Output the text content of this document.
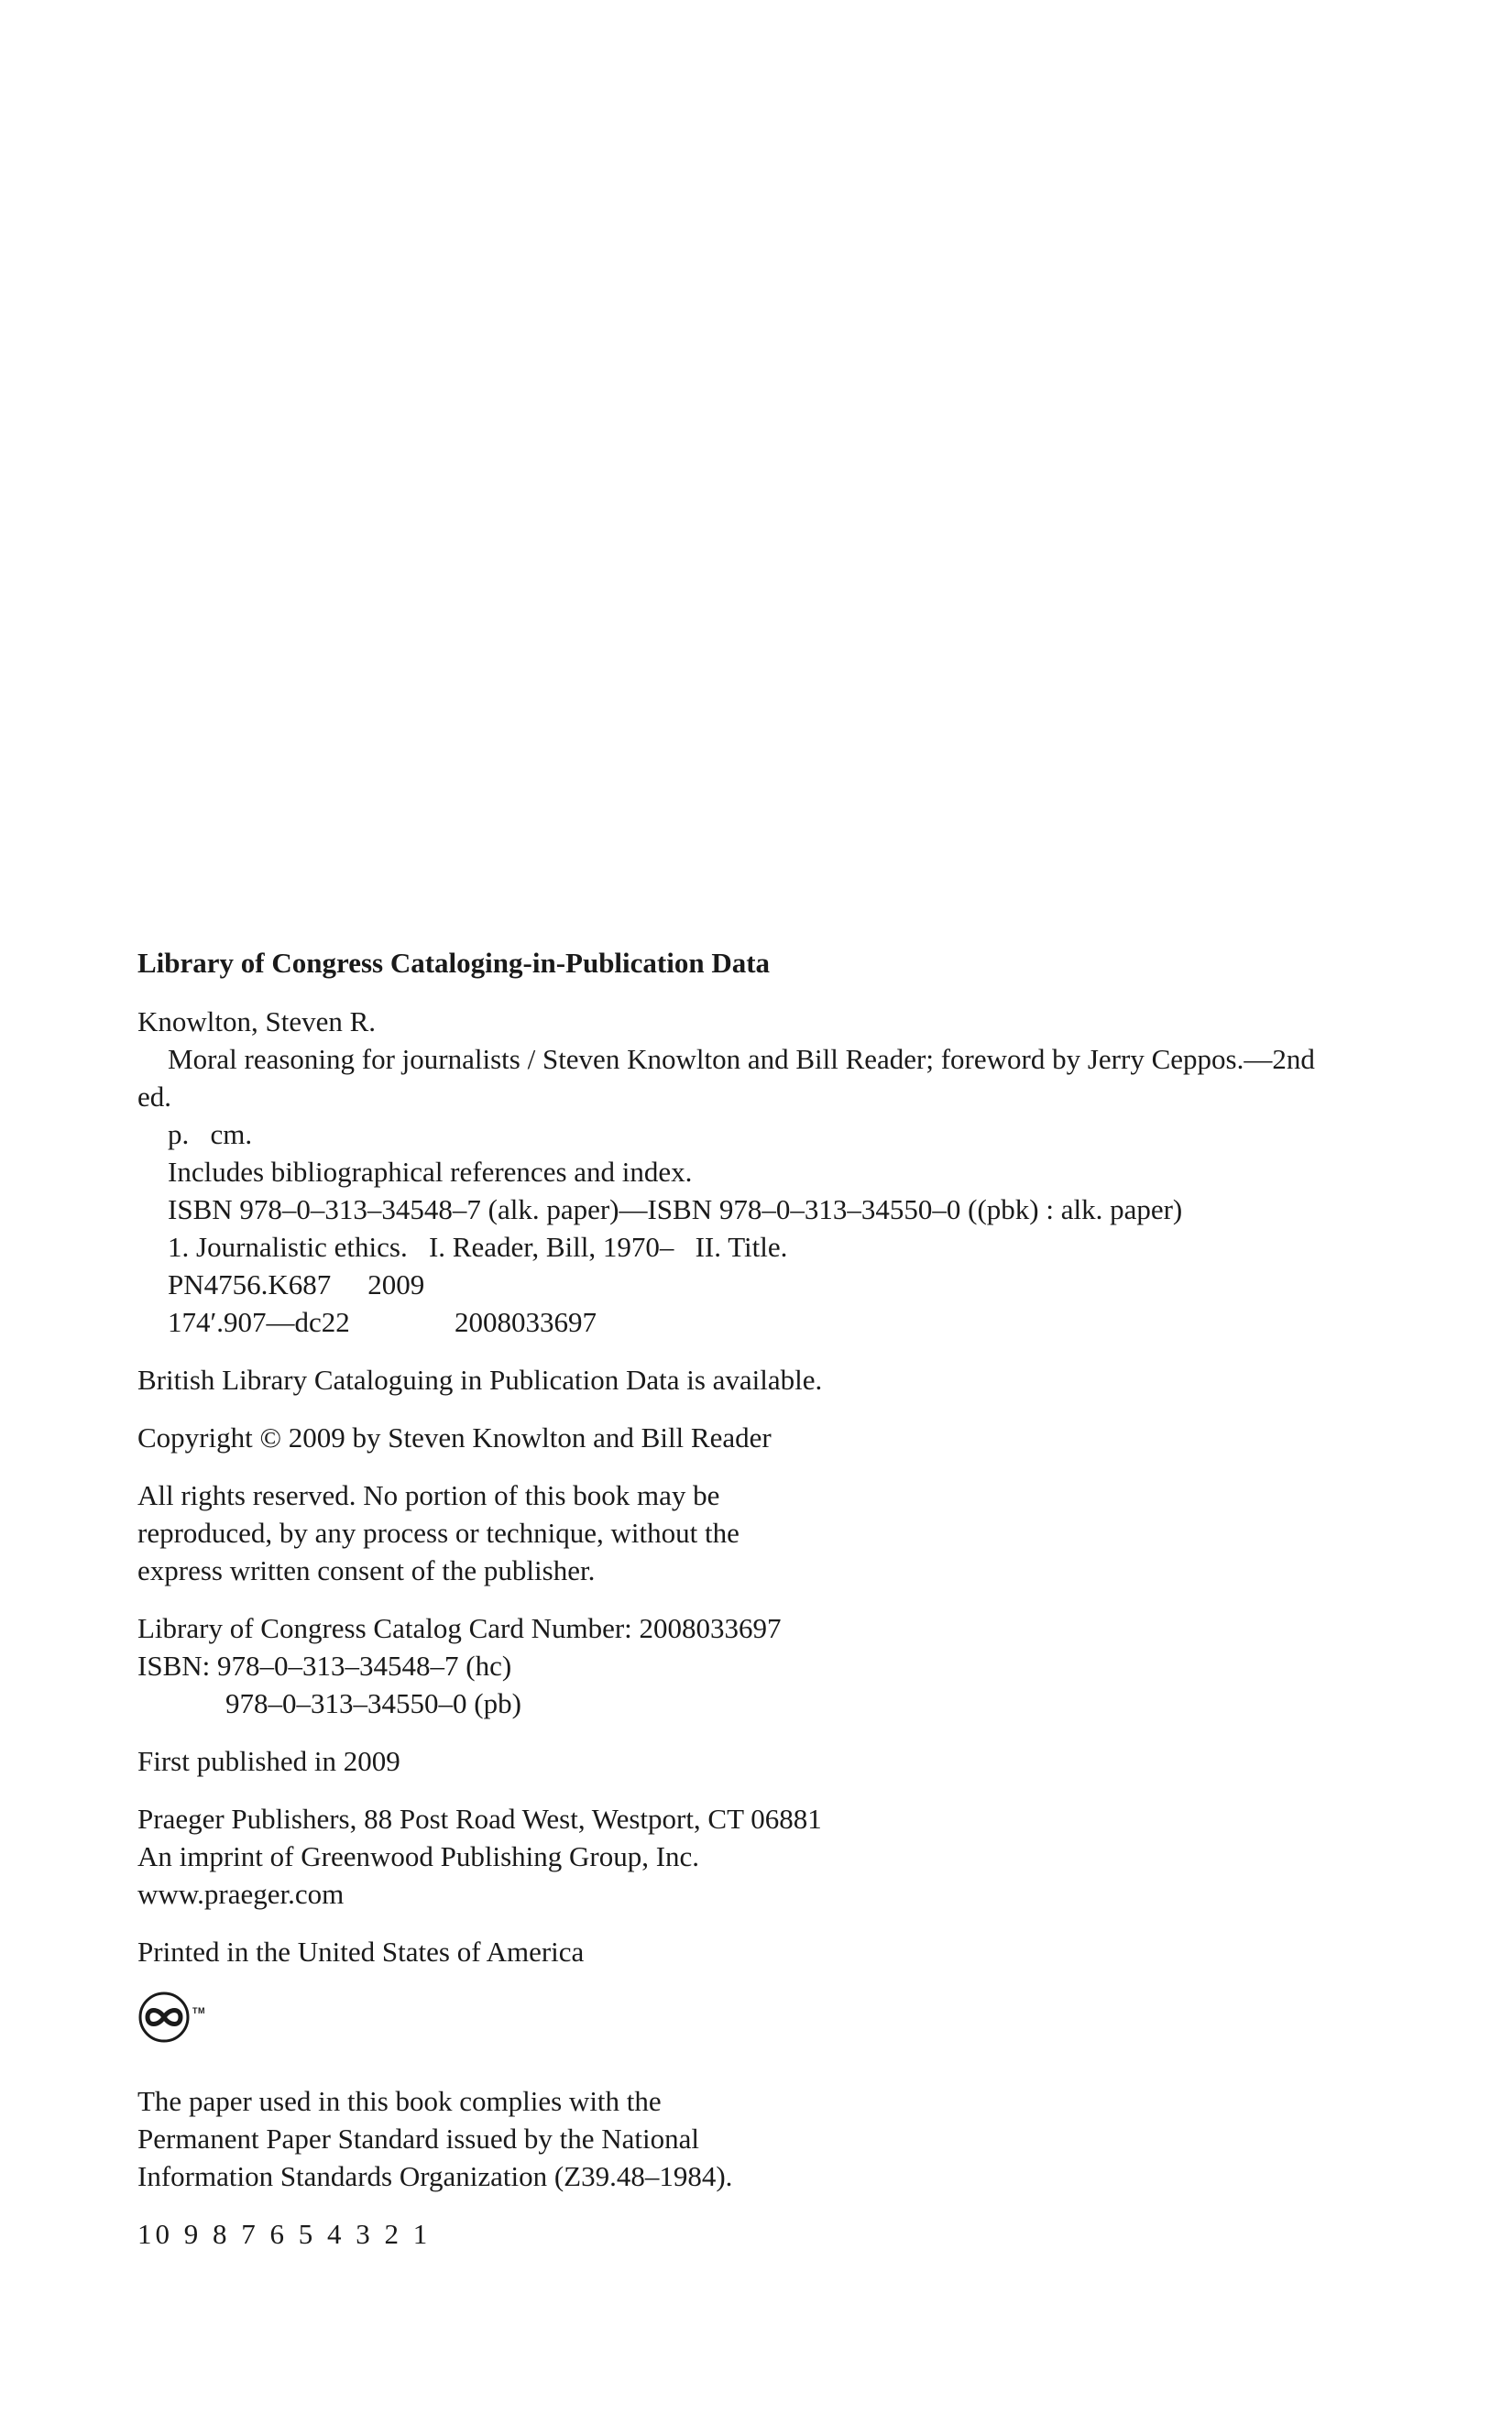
Library of Congress Cataloging-in-Publication Data
Knowlton, Steven R.
Moral reasoning for journalists / Steven Knowlton and Bill Reader; foreword by Jerry Ceppos.—2nd ed.
p.   cm.
Includes bibliographical references and index.
ISBN 978–0–313–34548–7 (alk. paper)—ISBN 978–0–313–34550–0 ((pbk) : alk. paper)
1. Journalistic ethics.   I. Reader, Bill, 1970–   II. Title.
PN4756.K687 2009
174′.907—dc22	2008033697
British Library Cataloguing in Publication Data is available.
Copyright © 2009 by Steven Knowlton and Bill Reader
All rights reserved. No portion of this book may be
reproduced, by any process or technique, without the
express written consent of the publisher.
Library of Congress Catalog Card Number: 2008033697
ISBN: 978–0–313–34548–7 (hc)
978–0–313–34550–0 (pb)
First published in 2009
Praeger Publishers, 88 Post Road West, Westport, CT 06881
An imprint of Greenwood Publishing Group, Inc.
www.praeger.com
Printed in the United States of America
TM
The paper used in this book complies with the
Permanent Paper Standard issued by the National
Information Standards Organization (Z39.48–1984).
10 9 8 7 6 5 4 3 2 1
